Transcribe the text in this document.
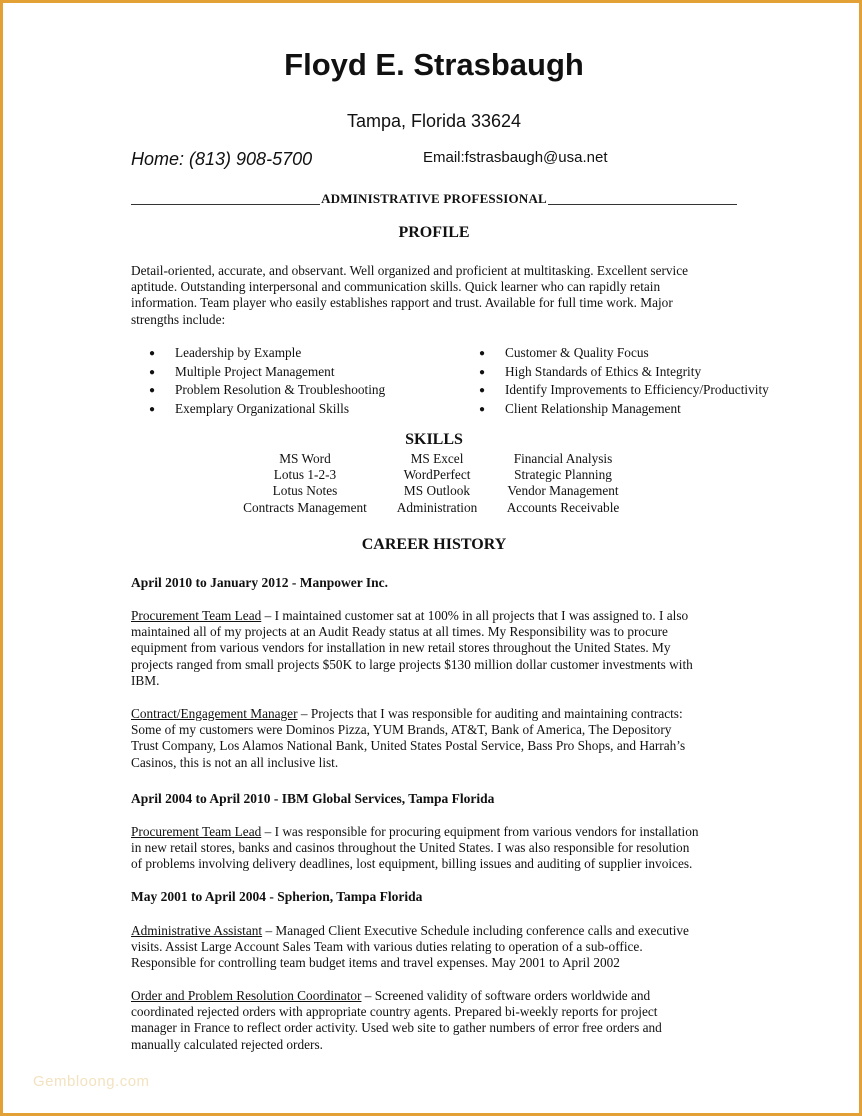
Floyd E. Strasbaugh
Tampa, Florida 33624
Home: (813) 908-5700	Email:fstrasbaugh@usa.net
ADMINISTRATIVE PROFESSIONAL
PROFILE
Detail-oriented, accurate, and observant. Well organized and proficient at multitasking. Excellent service
aptitude. Outstanding interpersonal and communication skills. Quick learner who can rapidly retain
information. Team player who easily establishes rapport and trust. Available for full time work. Major
strengths include:
● Leadership by Example
● Multiple Project Management
● Problem Resolution & Troubleshooting
● Exemplary Organizational Skills
● Customer & Quality Focus
● High Standards of Ethics & Integrity
● Identify Improvements to Efficiency/Productivity
● Client Relationship Management
SKILLS
MS Word
Lotus 1-2-3
Lotus Notes
Contracts Management
MS Excel
WordPerfect
MS Outlook
Administration
Financial Analysis
Strategic Planning
Vendor Management
Accounts Receivable
CAREER HISTORY
April 2010 to January 2012 - Manpower Inc.
Procurement Team Lead – I maintained customer sat at 100% in all projects that I was assigned to. I also
maintained all of my projects at an Audit Ready status at all times. My Responsibility was to procure
equipment from various vendors for installation in new retail stores throughout the United States. My
projects ranged from small projects $50K to large projects $130 million dollar customer investments with
IBM.
Contract/Engagement Manager – Projects that I was responsible for auditing and maintaining contracts:
Some of my customers were Dominos Pizza, YUM Brands, AT&T, Bank of America, The Depository
Trust Company, Los Alamos National Bank, United States Postal Service, Bass Pro Shops, and Harrah’s
Casinos, this is not an all inclusive list.
April 2004 to April 2010 - IBM Global Services, Tampa Florida
Procurement Team Lead – I was responsible for procuring equipment from various vendors for installation
in new retail stores, banks and casinos throughout the United States. I was also responsible for resolution
of problems involving delivery deadlines, lost equipment, billing issues and auditing of supplier invoices.
May 2001 to April 2004 - Spherion, Tampa Florida
Administrative Assistant – Managed Client Executive Schedule including conference calls and executive
visits. Assist Large Account Sales Team with various duties relating to operation of a sub-office.
Responsible for controlling team budget items and travel expenses. May 2001 to April 2002
Order and Problem Resolution Coordinator – Screened validity of software orders worldwide and
coordinated rejected orders with appropriate country agents. Prepared bi-weekly reports for project
manager in France to reflect order activity. Used web site to gather numbers of error free orders and
manually calculated rejected orders.
Gembloong.com
